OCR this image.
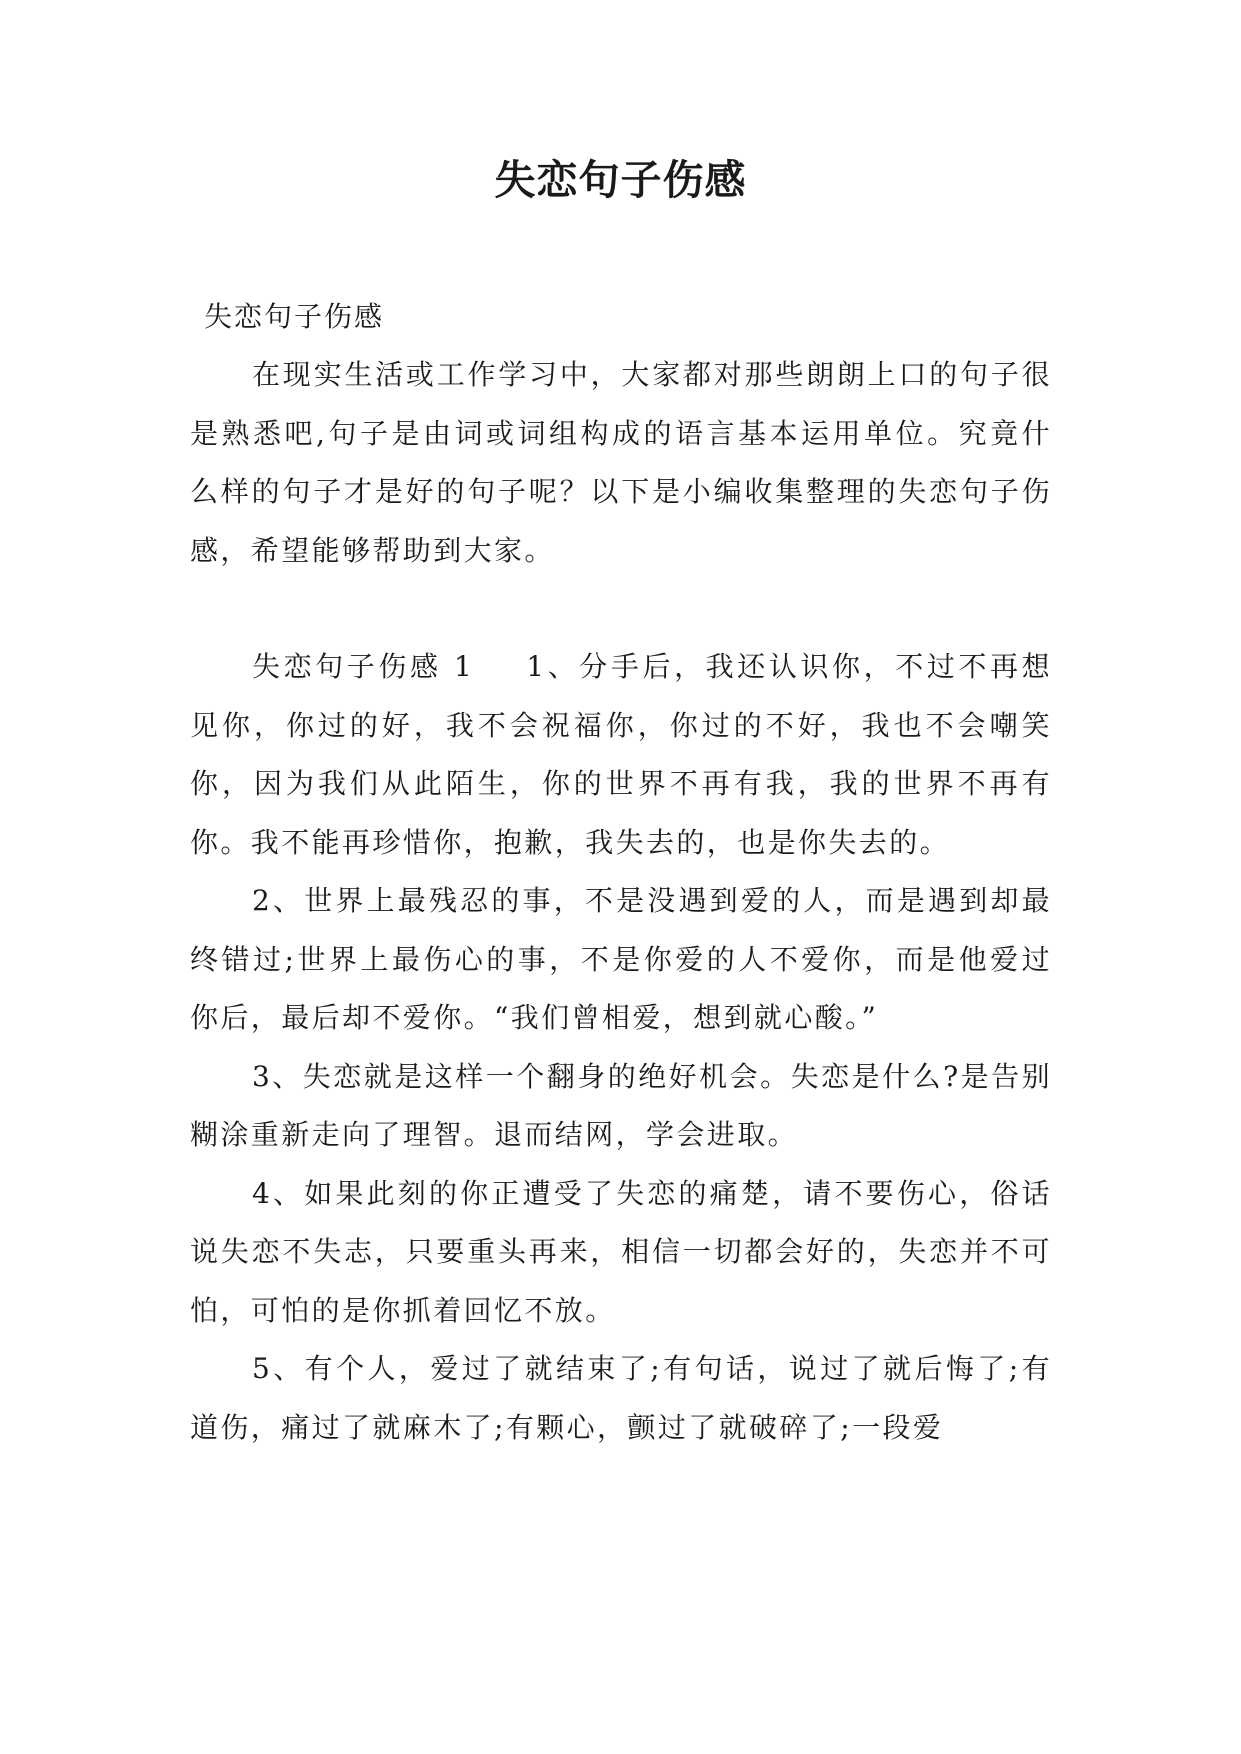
失恋句子伤感

失恋句子伤感

在现实生活或工作学习中，大家都对那些朗朗上口的句子很是熟悉吧,句子是由词或词组构成的语言基本运用单位。究竟什么样的句子才是好的句子呢？以下是小编收集整理的失恋句子伤感，希望能够帮助到大家。

失恋句子伤感 1 1、分手后，我还认识你，不过不再想见你，你过的好，我不会祝福你，你过的不好，我也不会嘲笑你，因为我们从此陌生，你的世界不再有我，我的世界不再有你。我不能再珍惜你，抱歉，我失去的，也是你失去的。

2、世界上最残忍的事，不是没遇到爱的人，而是遇到却最终错过;世界上最伤心的事，不是你爱的人不爱你，而是他爱过你后，最后却不爱你。“我们曾相爱，想到就心酸。”

3、失恋就是这样一个翻身的绝好机会。失恋是什么?是告别糊涂重新走向了理智。退而结网，学会进取。

4、如果此刻的你正遭受了失恋的痛楚，请不要伤心，俗话说失恋不失志，只要重头再来，相信一切都会好的，失恋并不可怕，可怕的是你抓着回忆不放。

5、有个人，爱过了就结束了;有句话，说过了就后悔了;有道伤，痛过了就麻木了;有颗心，颤过了就破碎了;一段爱
